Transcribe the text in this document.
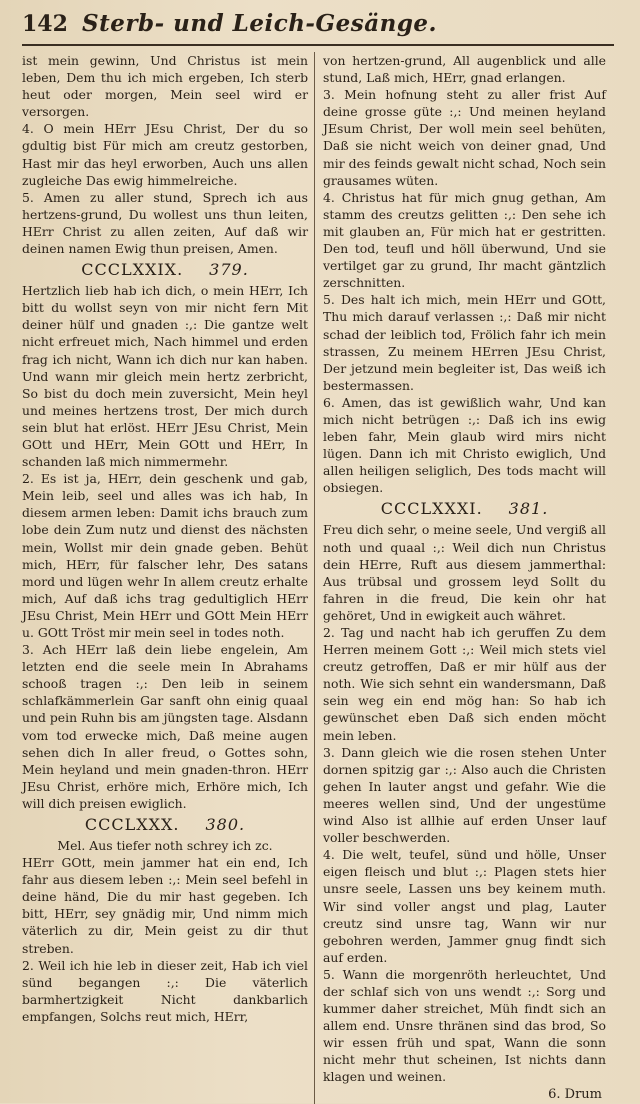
142 Sterb- und Leich-Gesänge.

ist mein gewinn, Und Christus ist mein leben, Dem thu ich mich ergeben, Ich sterb heut oder morgen, Mein seel wird er versorgen.

4. O mein HErr JEsu Christ, Der du so gdultig bist Für mich am creutz gestorben, Hast mir das heyl erworben, Auch uns allen zugleiche Das ewig himmelreiche.

5. Amen zu aller stund, Sprech ich aus hertzens-grund, Du wollest uns thun leiten, HErr Christ zu allen zeiten, Auf daß wir deinen namen Ewig thun preisen, Amen.

CCCLXXIX. 379.

Hertzlich lieb hab ich dich, o mein HErr, Ich bitt du wollst seyn von mir nicht fern Mit deiner hülf und gnaden :,: Die gantze welt nicht erfreuet mich, Nach himmel und erden frag ich nicht, Wann ich dich nur kan haben. Und wann mir gleich mein hertz zerbricht, So bist du doch mein zuversicht, Mein heyl und meines hertzens trost, Der mich durch sein blut hat erlöst. HErr JEsu Christ, Mein GOtt und HErr, Mein GOtt und HErr, In schanden laß mich nimmermehr.

2. Es ist ja, HErr, dein geschenk und gab, Mein leib, seel und alles was ich hab, In diesem armen leben: Damit ichs brauch zum lobe dein Zum nutz und dienst des nächsten mein, Wollst mir dein gnade geben. Behüt mich, HErr, für falscher lehr, Des satans mord und lügen wehr In allem creutz erhalte mich, Auf daß ichs trag gedultiglich HErr JEsu Christ, Mein HErr und GOtt Mein HErr u. GOtt Tröst mir mein seel in todes noth.

3. Ach HErr laß dein liebe engelein, Am letzten end die seele mein In Abrahams schooß tragen :,: Den leib in seinem schlafkämmerlein Gar sanft ohn einig quaal und pein Ruhn bis am jüngsten tage. Alsdann vom tod erwecke mich, Daß meine augen sehen dich In aller freud, o Gottes sohn, Mein heyland und mein gnaden-thron. HErr JEsu Christ, erhöre mich, Erhöre mich, Ich will dich preisen ewiglich.

CCCLXXX. 380.

Mel. Aus tiefer noth schrey ich zc.

HErr GOtt, mein jammer hat ein end, Ich fahr aus diesem leben :,: Mein seel befehl in deine händ, Die du mir hast gegeben. Ich bitt, HErr, sey gnädig mir, Und nimm mich väterlich zu dir, Mein geist zu dir thut streben.

2. Weil ich hie leb in dieser zeit, Hab ich viel sünd begangen :,: Die väterlich barmhertzigkeit Nicht dankbarlich empfangen, Solchs reut mich, HErr,

von hertzen-grund, All augenblick und alle stund, Laß mich, HErr, gnad erlangen.

3. Mein hofnung steht zu aller frist Auf deine grosse güte :,: Und meinen heyland JEsum Christ, Der woll mein seel behüten, Daß sie nicht weich von deiner gnad, Und mir des feinds gewalt nicht schad, Noch sein grausames wüten.

4. Christus hat für mich gnug gethan, Am stamm des creutzs gelitten :,: Den sehe ich mit glauben an, Für mich hat er gestritten. Den tod, teufl und höll überwund, Und sie vertilget gar zu grund, Ihr macht gäntzlich zerschnitten.

5. Des halt ich mich, mein HErr und GOtt, Thu mich darauf verlassen :,: Daß mir nicht schad der leiblich tod, Frölich fahr ich mein strassen, Zu meinem HErren JEsu Christ, Der jetzund mein begleiter ist, Das weiß ich bestermassen.

6. Amen, das ist gewißlich wahr, Und kan mich nicht betrügen :,: Daß ich ins ewig leben fahr, Mein glaub wird mirs nicht lügen. Dann ich mit Christo ewiglich, Und allen heiligen seliglich, Des tods macht will obsiegen.

CCCLXXXI. 381.

Freu dich sehr, o meine seele, Und vergiß all noth und quaal :,: Weil dich nun Christus dein HErre, Ruft aus diesem jammerthal: Aus trübsal und grossem leyd Sollt du fahren in die freud, Die kein ohr hat gehöret, Und in ewigkeit auch währet.

2. Tag und nacht hab ich geruffen Zu dem Herren meinem Gott :,: Weil mich stets viel creutz getroffen, Daß er mir hülf aus der noth. Wie sich sehnt ein wandersmann, Daß sein weg ein end mög han: So hab ich gewünschet eben Daß sich enden möcht mein leben.

3. Dann gleich wie die rosen stehen Unter dornen spitzig gar :,: Also auch die Christen gehen In lauter angst und gefahr. Wie die meeres wellen sind, Und der ungestüme wind Also ist allhie auf erden Unser lauf voller beschwerden.

4. Die welt, teufel, sünd und hölle, Unser eigen fleisch und blut :,: Plagen stets hier unsre seele, Lassen uns bey keinem muth. Wir sind voller angst und plag, Lauter creutz sind unsre tag, Wann wir nur gebohren werden, Jammer gnug findt sich auf erden.

5. Wann die morgenröth herleuchtet, Und der schlaf sich von uns wendt :,: Sorg und kummer daher streichet, Müh findt sich an allem end. Unsre thränen sind das brod, So wir essen früh und spat, Wann die sonn nicht mehr thut scheinen, Ist nichts dann klagen und weinen.

6. Drum
